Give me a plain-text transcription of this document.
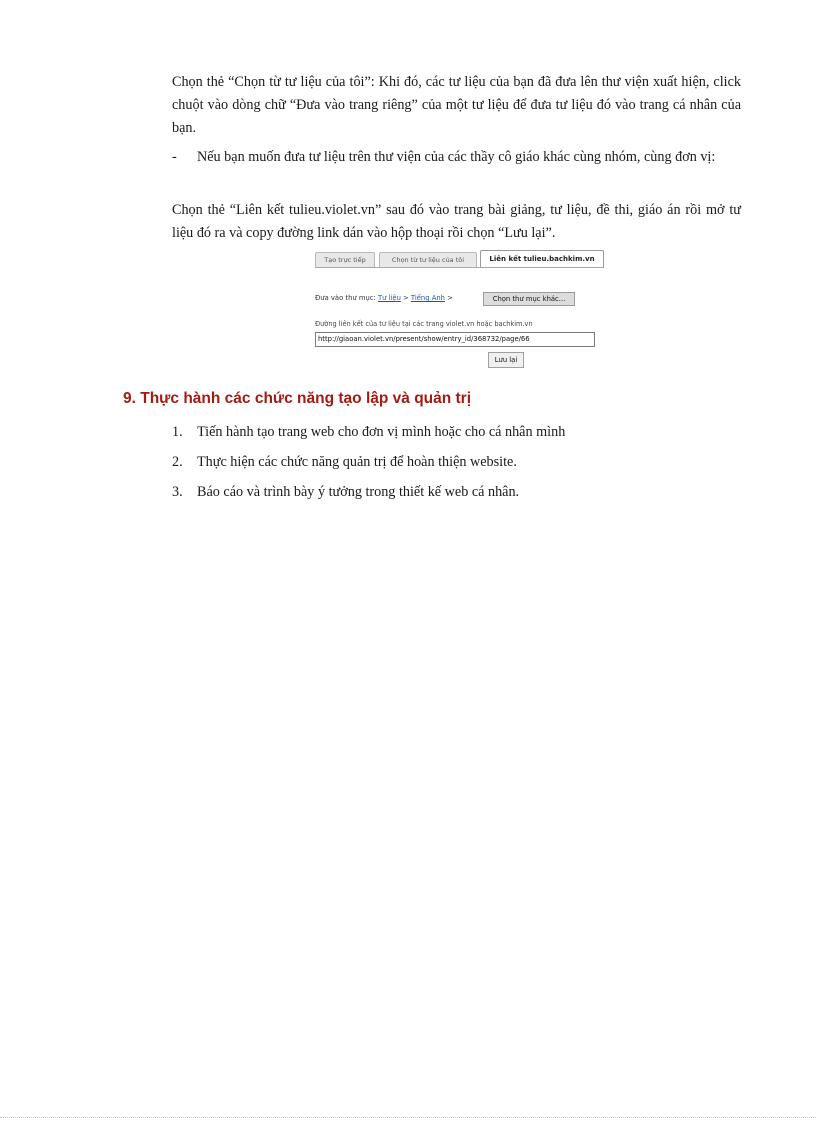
Chọn thẻ “Chọn từ tư liệu của tôi”: Khi đó, các tư liệu của bạn đã đưa lên thư viện xuất hiện, click chuột vào dòng chữ “Đưa vào trang riêng” của một tư liệu để đưa tư liệu đó vào trang cá nhân của bạn.

-	Nếu bạn muốn đưa tư liệu trên thư viện của các thầy cô giáo khác cùng nhóm, cùng đơn vị:

Chọn thẻ “Liên kết tulieu.violet.vn” sau đó vào trang bài giảng, tư liệu, đề thi, giáo án rồi mở tư liệu đó ra và copy đường link dán vào hộp thoại rồi chọn “Lưu lại”.

Tạo trực tiếp	Chọn từ tư liệu của tôi	Liên kết tulieu.bachkim.vn
Đưa vào thư mục: Tư liệu > Tiếng Anh >	Chọn thư mục khác...
Đường liên kết của tư liệu tại các trang violet.vn hoặc bachkim.vn
http://giaoan.violet.vn/present/show/entry_id/368732/page/66
Lưu lại
9. Thực hành các chức năng tạo lập và quản trị
1.	Tiến hành tạo trang web cho đơn vị mình hoặc cho cá nhân mình
2.	Thực hiện các chức năng quản trị để hoàn thiện website.
3.	Báo cáo và trình bày ý tưởng trong thiết kế web cá nhân.
